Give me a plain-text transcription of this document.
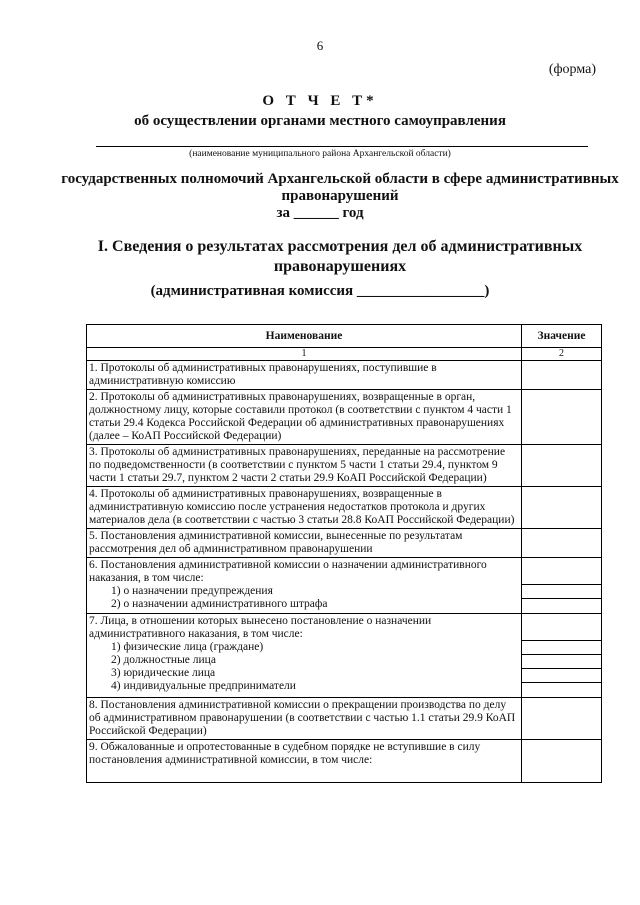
6
(форма)
О Т Ч Е Т*
об осуществлении органами местного самоуправления
(наименование муниципального района Архангельской области)
государственных полномочий Архангельской области в сфере административных правонарушений
за ______ год
I. Сведения о результатах рассмотрения дел об административных правонарушениях
(административная комиссия _________________)
Наименование	Значение
1	2
1. Протоколы об административных правонарушениях, поступившие в административную комиссию	
2. Протоколы об административных правонарушениях, возвращенные в орган, должностному лицу, которые составили протокол (в соответствии с пунктом 4 части 1 статьи 29.4 Кодекса Российской Федерации об административных правонарушениях (далее – КоАП Российской Федерации)	
3. Протоколы об административных правонарушениях, переданные на рассмотрение по подведомственности (в соответствии с пунктом 5 части 1 статьи 29.4, пунктом 9 части 1 статьи 29.7, пунктом 2 части 2 статьи 29.9 КоАП Российской Федерации)	
4. Протоколы об административных правонарушениях, возвращенные в административную комиссию после устранения недостатков протокола и других материалов дела (в соответствии с частью 3 статьи 28.8 КоАП Российской Федерации)	
5. Постановления административной комиссии, вынесенные по результатам рассмотрения дел об административном правонарушении	

6. Постановления административной комиссии о назначении административного наказания, в том числе:
1) о назначении предупреждения
2) о назначении административного штрафа	

7. Лица, в отношении которых вынесено постановление о назначении административного наказания, в том числе:
1) физические лица (граждане)
2) должностные лица
3) юридические лица
4) индивидуальные предприниматели	

8. Постановления административной комиссии о прекращении производства по делу об административном правонарушении (в соответствии с частью 1.1 статьи 29.9 КоАП Российской Федерации)	
9. Обжалованные и опротестованные в судебном порядке не вступившие в силу постановления административной комиссии, в том числе:	
